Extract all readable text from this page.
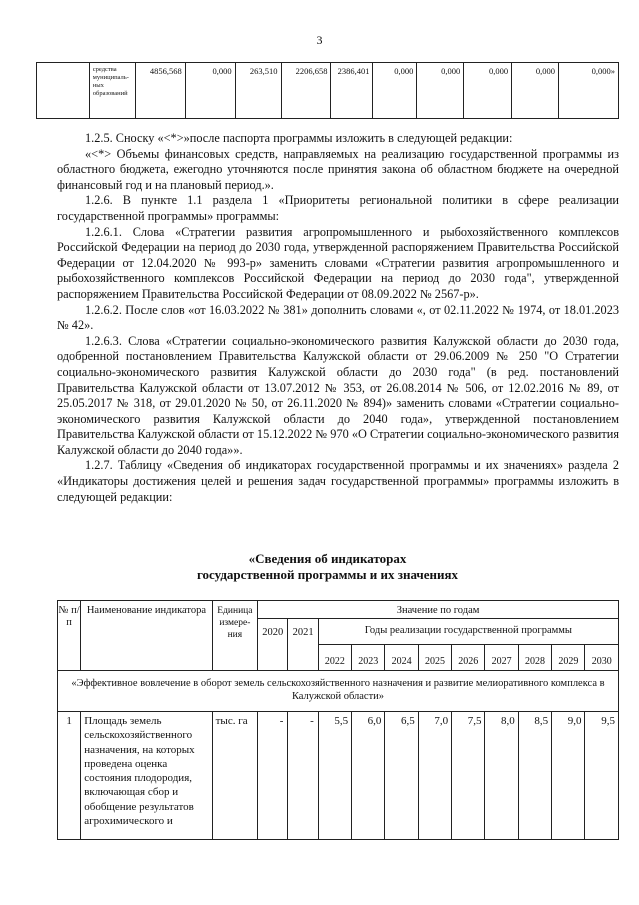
3
	средства муниципаль-ных образований	4856,568	0,000	263,510	2206,658	2386,401	0,000	0,000	0,000	0,000	0,000»

1.2.5. Сноску «<*>»после паспорта программы изложить в следующей редакции:

«<*> Объемы финансовых средств, направляемых на реализацию государственной программы из областного бюджета, ежегодно уточняются после принятия закона об областном бюджете на очередной финансовый год и на плановый период.».

1.2.6. В пункте 1.1 раздела 1 «Приоритеты региональной политики в сфере реализации государственной программы» программы:

1.2.6.1. Слова «Стратегии развития агропромышленного и рыбохозяйственного комплексов Российской Федерации на период до 2030 года, утвержденной распоряжением Правительства Российской Федерации от 12.04.2020 № 993-р» заменить словами «Стратегии развития агропромышленного и рыбохозяйственного комплексов Российской Федерации на период до 2030 года", утвержденной распоряжением Правительства Российской Федерации от 08.09.2022 № 2567-р».

1.2.6.2. После слов «от 16.03.2022 № 381» дополнить словами «, от 02.11.2022 № 1974, от 18.01.2023 № 42».

1.2.6.3. Слова «Стратегии социально-экономического развития Калужской области до 2030 года, одобренной постановлением Правительства Калужской области от 29.06.2009 № 250 "О Стратегии социально-экономического развития Калужской области до 2030 года" (в ред. постановлений Правительства Калужской области от 13.07.2012 № 353, от 26.08.2014 № 506, от 12.02.2016 № 89, от 25.05.2017 № 318, от 29.01.2020 № 50, от 26.11.2020 № 894)» заменить словами «Стратегии социально-экономического развития Калужской области до 2040 года», утвержденной постановлением Правительства Калужской области от 15.12.2022 № 970 «О Стратегии социально-экономического развития Калужской области до 2040 года»».

1.2.7. Таблицу «Сведения об индикаторах государственной программы и их значениях» раздела 2 «Индикаторы достижения целей и решения задач государственной программы» программы изложить в следующей редакции:

«Сведения об индикаторах
государственной программы и их значениях
№ п/п	Наименование индикатора	Единица измере-ния	Значение по годам										
			2020	2021	Годы реализации государственной программы								
					2022	2023	2024	2025	2026	2027	2028	2029	2030
«Эффективное вовлечение в оборот земель сельскохозяйственного назначения и развитие мелиоративного комплекса в Калужской области»													
1	Площадь земель сельскохозяйственного назначения, на которых проведена оценка состояния плодородия, включающая сбор и обобщение результатов агрохимического и	тыс. га	-	-	5,5	6,0	6,5	7,0	7,5	8,0	8,5	9,0	9,5
